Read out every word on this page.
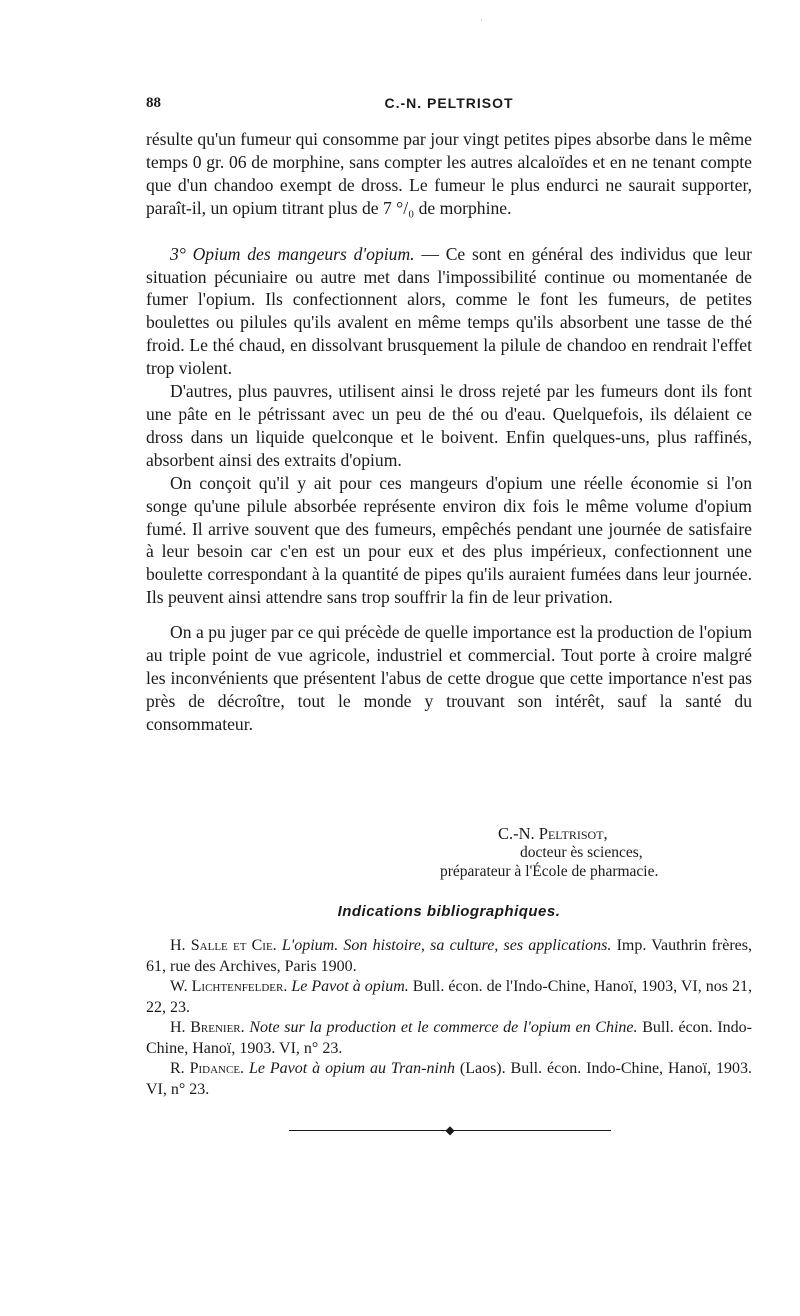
·
88	C.-N. PELTRISOT

résulte qu'un fumeur qui consomme par jour vingt petites pipes absorbe dans le même temps 0 gr. 06 de morphine, sans compter les autres alcaloïdes et en ne tenant compte que d'un chandoo exempt de dross. Le fumeur le plus endurci ne saurait supporter, paraît-il, un opium titrant plus de 7 °/₀ de morphine.

3° Opium des mangeurs d'opium. — Ce sont en général des individus que leur situation pécuniaire ou autre met dans l'impossibilité continue ou momentanée de fumer l'opium. Ils confectionnent alors, comme le font les fumeurs, de petites boulettes ou pilules qu'ils avalent en même temps qu'ils absorbent une tasse de thé froid. Le thé chaud, en dissolvant brusquement la pilule de chandoo en rendrait l'effet trop violent.

D'autres, plus pauvres, utilisent ainsi le dross rejeté par les fumeurs dont ils font une pâte en le pétrissant avec un peu de thé ou d'eau. Quelquefois, ils délaient ce dross dans un liquide quelconque et le boivent. Enfin quelques-uns, plus raffinés, absorbent ainsi des extraits d'opium.

On conçoit qu'il y ait pour ces mangeurs d'opium une réelle économie si l'on songe qu'une pilule absorbée représente environ dix fois le même volume d'opium fumé. Il arrive souvent que des fumeurs, empêchés pendant une journée de satisfaire à leur besoin car c'en est un pour eux et des plus impérieux, confectionnent une boulette correspondant à la quantité de pipes qu'ils auraient fumées dans leur journée. Ils peuvent ainsi attendre sans trop souffrir la fin de leur privation.

On a pu juger par ce qui précède de quelle importance est la production de l'opium au triple point de vue agricole, industriel et commercial. Tout porte à croire malgré les inconvénients que présentent l'abus de cette drogue que cette importance n'est pas près de décroître, tout le monde y trouvant son intérêt, sauf la santé du consommateur.

C.-N. Peltrisot,
docteur ès sciences,
préparateur à l'École de pharmacie.
Indications bibliographiques.

H. Salle et Cie. L'opium. Son histoire, sa culture, ses applications. Imp. Vauthrin frères, 61, rue des Archives, Paris 1900.

W. Lichtenfelder. Le Pavot à opium. Bull. écon. de l'Indo-Chine, Hanoï, 1903, VI, nos 21, 22, 23.

H. Brenier. Note sur la production et le commerce de l'opium en Chine. Bull. écon. Indo-Chine, Hanoï, 1903. VI, n° 23.

R. Pidance. Le Pavot à opium au Tran-ninh (Laos). Bull. écon. Indo-Chine, Hanoï, 1903. VI, n° 23.

◆
